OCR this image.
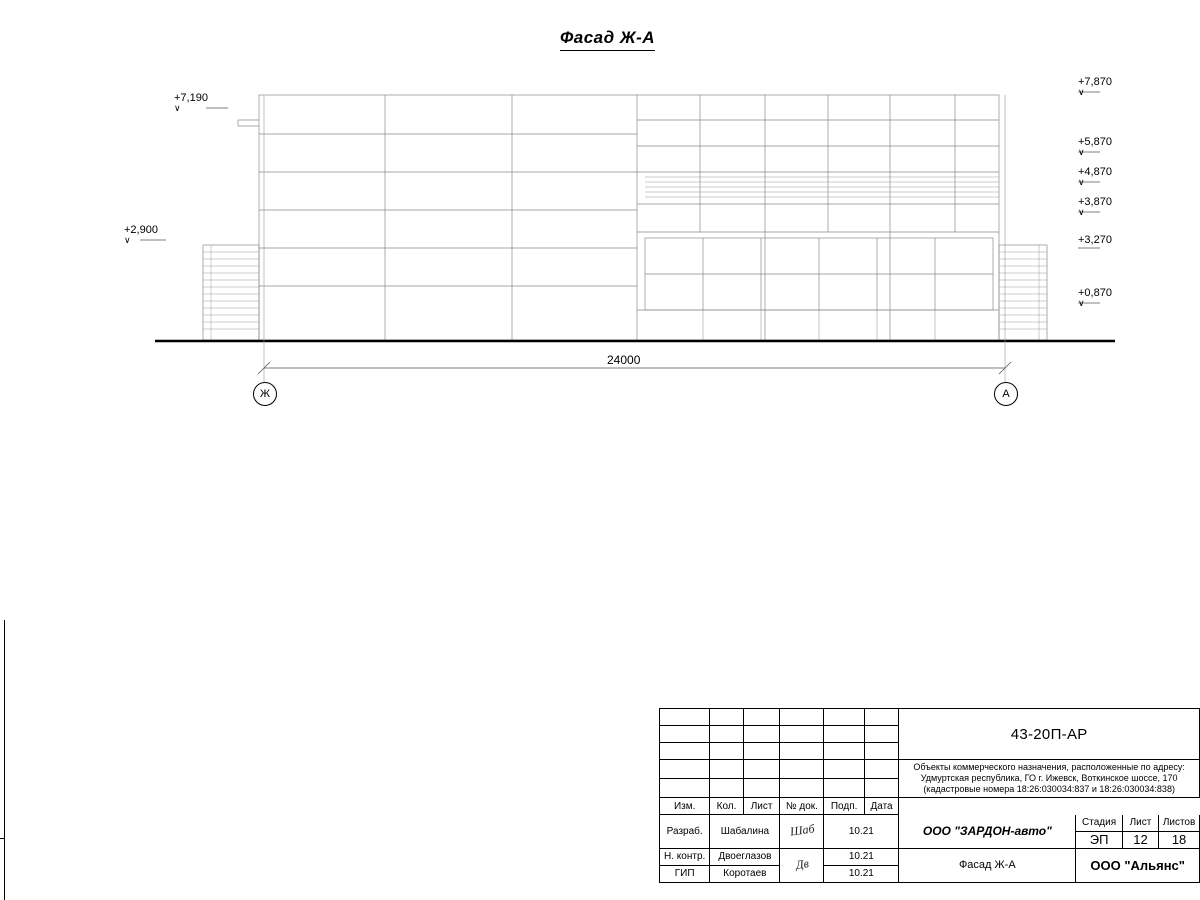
Фасад Ж-А
+7,190
∨
+2,900
∨
+7,870
∨
+5,870
∨
+4,870
∨
+3,870
∨
+3,270
+0,870
∨
24000
Ж	А
						43-20П-АР			

						Объекты коммерческого назначения, расположенные по адресу: Удмуртская республика, ГО г. Ижевск, Воткинское шоссе, 170 (кадастровые номера 18:26:030034:837 и 18:26:030034:838)			

Изм.	Кол.	Лист	№ док.	Подп.	Дата				
Разраб.	Шабалина		Шаб	10.21		ООО "ЗАРДОН-авто"	Стадия	Лист	Листов
							ЭП	12	18
Н. контр.	Двоеглазов		Дв	10.21		Фасад Ж-А	ООО "Альянс"		
ГИП	Коротаев			10.21					
